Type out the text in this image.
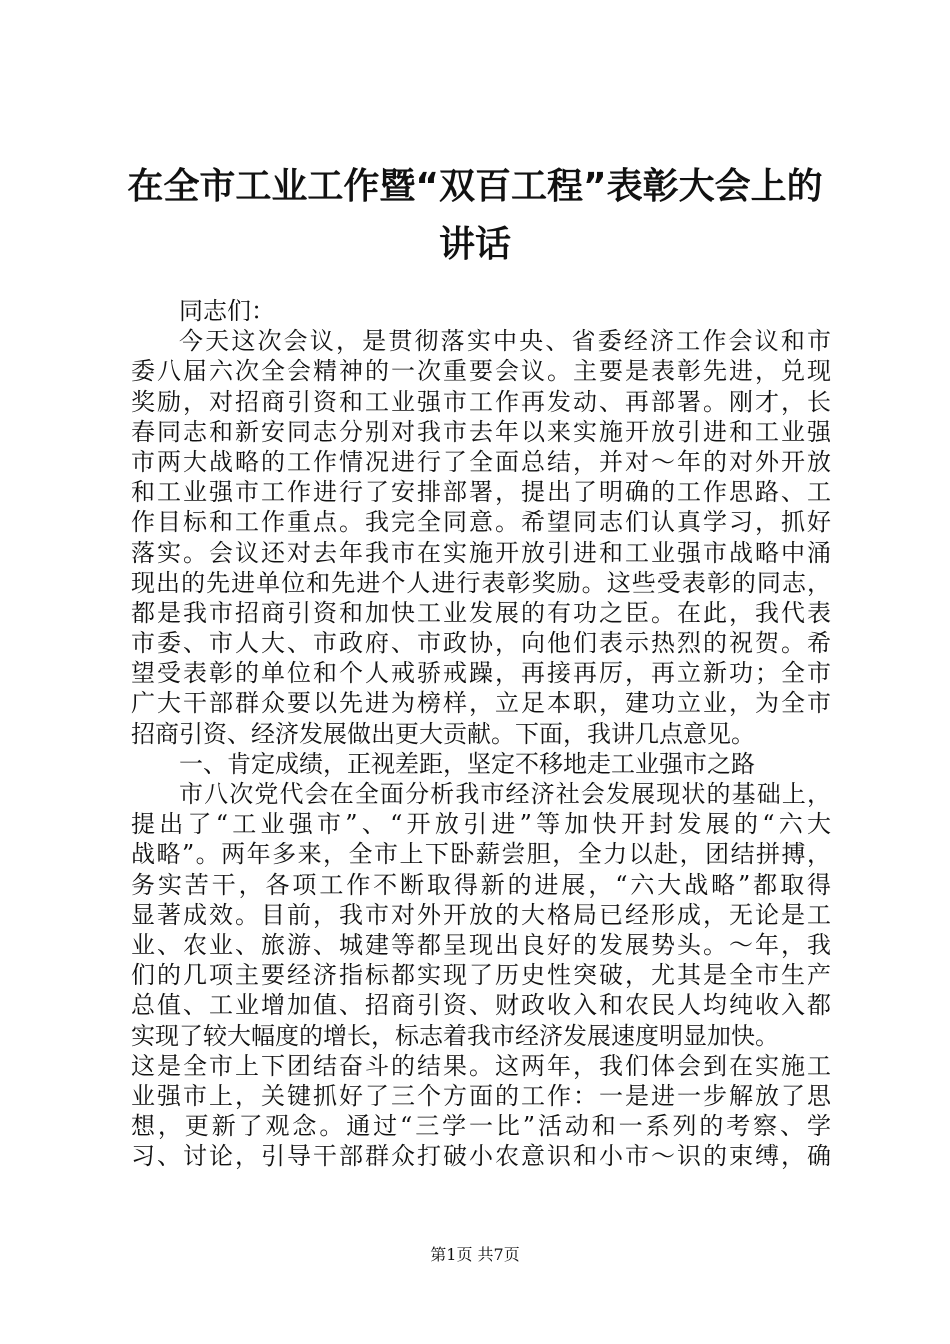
在全市工业工作暨“双百工程”表彰大会上的
讲话
同志们：
今天这次会议，是贯彻落实中央、省委经济工作会议和市
委八届六次全会精神的一次重要会议。主要是表彰先进，兑现
奖励，对招商引资和工业强市工作再发动、再部署。刚才，长
春同志和新安同志分别对我市去年以来实施开放引进和工业强
市两大战略的工作情况进行了全面总结，并对～年的对外开放
和工业强市工作进行了安排部署，提出了明确的工作思路、工
作目标和工作重点。我完全同意。希望同志们认真学习，抓好
落实。会议还对去年我市在实施开放引进和工业强市战略中涌
现出的先进单位和先进个人进行表彰奖励。这些受表彰的同志，
都是我市招商引资和加快工业发展的有功之臣。在此，我代表
市委、市人大、市政府、市政协，向他们表示热烈的祝贺。希
望受表彰的单位和个人戒骄戒躁，再接再厉，再立新功；全市
广大干部群众要以先进为榜样，立足本职，建功立业，为全市
招商引资、经济发展做出更大贡献。下面，我讲几点意见。
一、肯定成绩，正视差距，坚定不移地走工业强市之路
市八次党代会在全面分析我市经济社会发展现状的基础上，
提出了“工业强市”、“开放引进”等加快开封发展的“六大
战略”。两年多来，全市上下卧薪尝胆，全力以赴，团结拼搏，
务实苦干，各项工作不断取得新的进展，“六大战略”都取得
显著成效。目前，我市对外开放的大格局已经形成，无论是工
业、农业、旅游、城建等都呈现出良好的发展势头。～年，我
们的几项主要经济指标都实现了历史性突破，尤其是全市生产
总值、工业增加值、招商引资、财政收入和农民人均纯收入都
实现了较大幅度的增长，标志着我市经济发展速度明显加快。
这是全市上下团结奋斗的结果。这两年，我们体会到在实施工
业强市上，关键抓好了三个方面的工作：一是进一步解放了思
想，更新了观念。通过“三学一比”活动和一系列的考察、学
习、讨论，引导干部群众打破小农意识和小市～识的束缚，确
第1页 共7页
